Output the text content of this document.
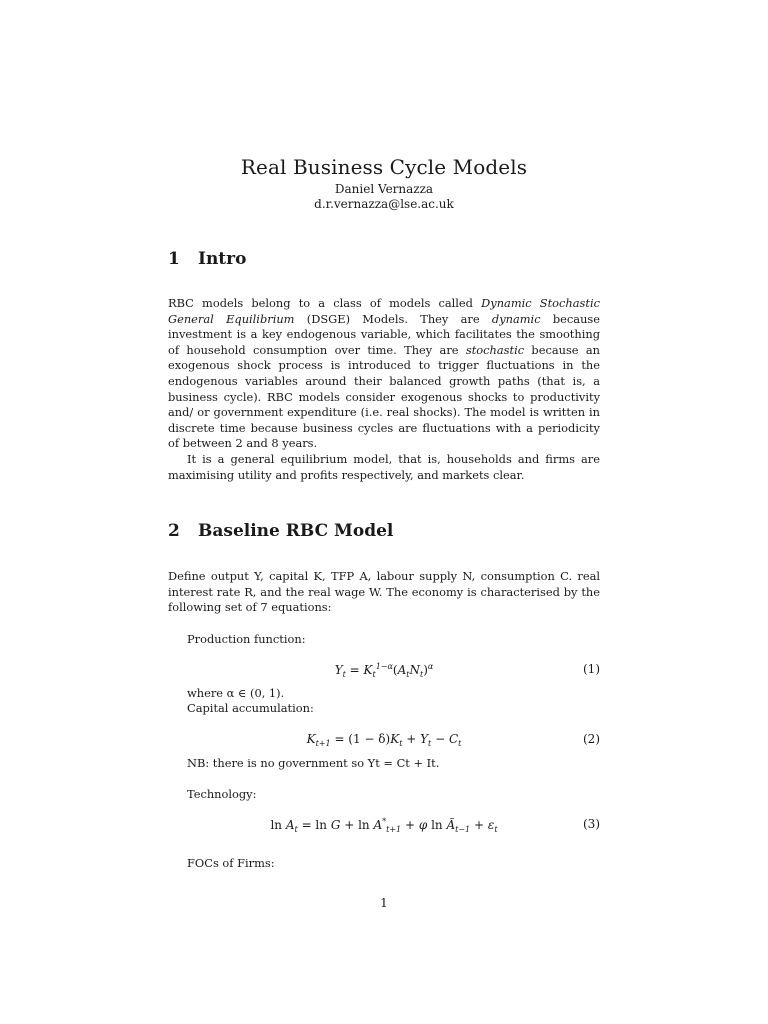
Real Business Cycle Models
Daniel Vernazza
d.r.vernazza@lse.ac.uk
1 Intro
RBC models belong to a class of models called Dynamic Stochastic General Equilibrium (DSGE) Models. They are dynamic because investment is a key endogenous variable, which facilitates the smoothing of household consumption over time. They are stochastic because an exogenous shock process is introduced to trigger fluctuations in the endogenous variables around their balanced growth paths (that is, a business cycle). RBC models consider exogenous shocks to productivity and/ or government expenditure (i.e. real shocks). The model is written in discrete time because business cycles are fluctuations with a periodicity of between 2 and 8 years.
It is a general equilibrium model, that is, households and firms are maximising utility and profits respectively, and markets clear.
2 Baseline RBC Model
Define output Y, capital K, TFP A, labour supply N, consumption C. real interest rate R, and the real wage W. The economy is characterised by the following set of 7 equations:
Production function:
$Y_t = K_t^{1-\alpha}(A_tN_t)^\alpha$	(1)
where α ∈ (0, 1).
Capital accumulation:
$K_{t+1} = (1 - \delta)K_t + Y_t - C_t$	(2)
NB: there is no government so Yt = Ct + It.
Technology:
$\ln A_t = \ln G + \ln A^*_{t+1} + \varphi$ $\ln Ã_{t-1} + \varepsilon_t$	(3)
FOCs of Firms:
1
